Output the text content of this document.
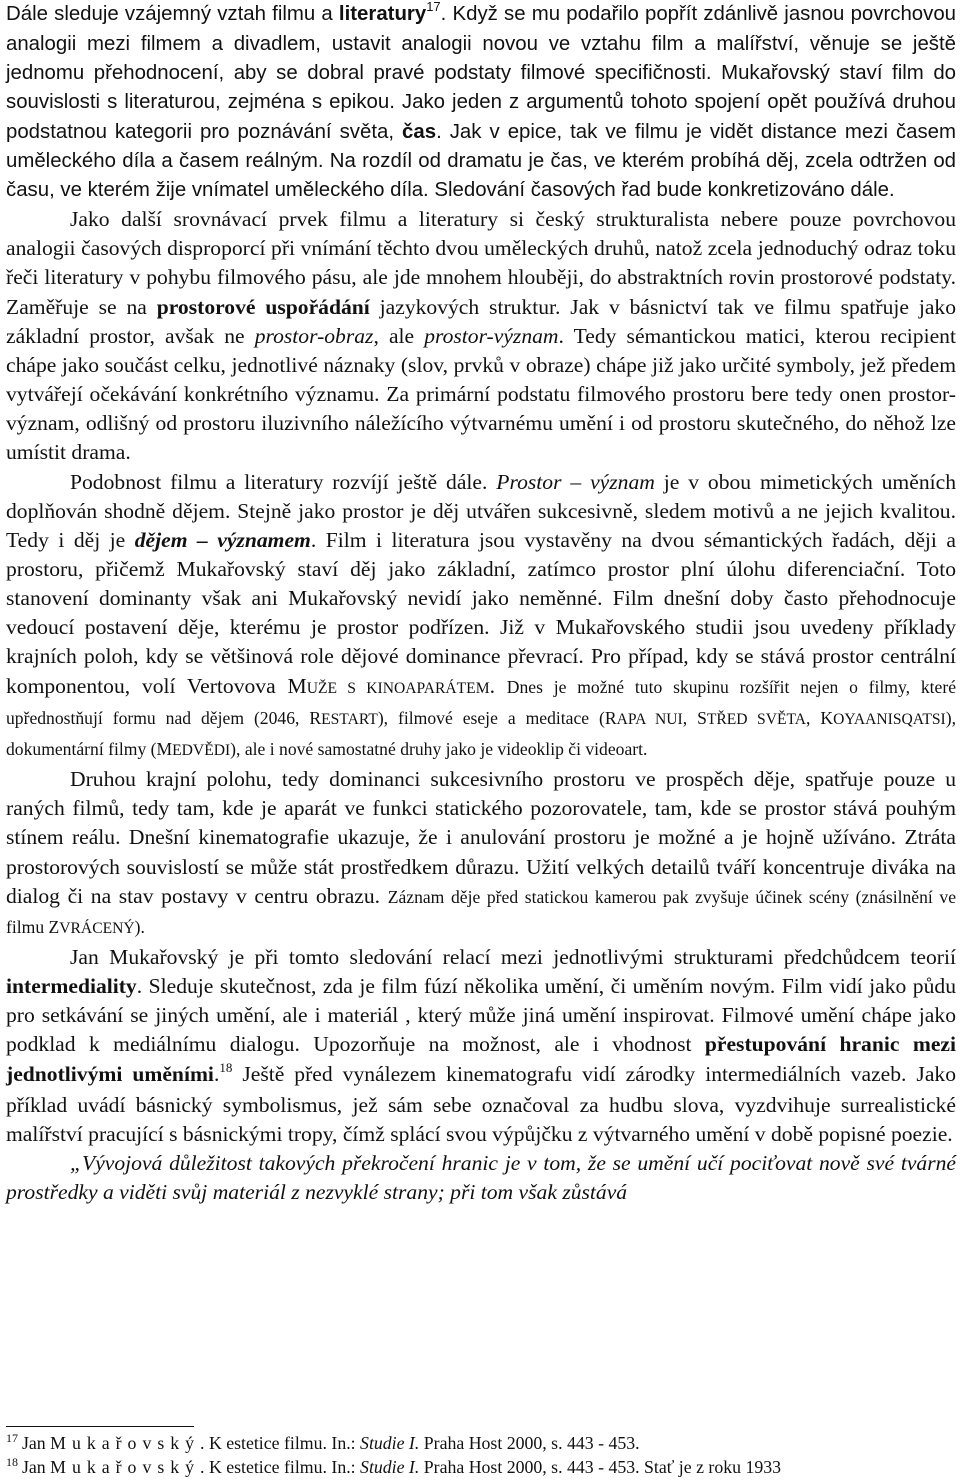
Dále sleduje vzájemný vztah filmu a literatury$^{17}$. Když se mu podařilo popřít zdánlivě jasnou povrchovou analogii mezi filmem a divadlem, ustavit analogii novou ve vztahu film a malířství, věnuje se ještě jednomu přehodnocení, aby se dobral pravé podstaty filmové specifičnosti. Mukařovský staví film do souvislosti s literaturou, zejména s epikou. Jako jeden z argumentů tohoto spojení opět používá druhou podstatnou kategorii pro poznávání světa, čas. Jak v epice, tak ve filmu je vidět distance mezi časem uměleckého díla a časem reálným. Na rozdíl od dramatu je čas, ve kterém probíhá děj, zcela odtržen od času, ve kterém žije vnímatel uměleckého díla. Sledování časových řad bude konkretizováno dále.

Jako další srovnávací prvek filmu a literatury si český strukturalista nebere pouze povrchovou analogii časových disproporcí při vnímání těchto dvou uměleckých druhů, natož zcela jednoduchý odraz toku řeči literatury v pohybu filmového pásu, ale jde mnohem hlouběji, do abstraktních rovin prostorové podstaty. Zaměřuje se na prostorové uspořádání jazykových struktur. Jak v básnictví tak ve filmu spatřuje jako základní prostor, avšak ne prostor-obraz, ale prostor-význam. Tedy sémantickou matici, kterou recipient chápe jako součást celku, jednotlivé náznaky (slov, prvků v obraze) chápe již jako určité symboly, jež předem vytvářejí očekávání konkrétního významu. Za primární podstatu filmového prostoru bere tedy onen prostor-význam, odlišný od prostoru iluzivního náležícího výtvarnému umění i od prostoru skutečného, do něhož lze umístit drama.

Podobnost filmu a literatury rozvíjí ještě dále. Prostor – význam je v obou mimetických uměních doplňován shodně dějem. Stejně jako prostor je děj utvářen sukcesivně, sledem motivů a ne jejich kvalitou. Tedy i děj je dějem – významem. Film i literatura jsou vystavěny na dvou sémantických řadách, ději a prostoru, přičemž Mukařovský staví děj jako základní, zatímco prostor plní úlohu diferenciační. Toto stanovení dominanty však ani Mukařovský nevidí jako neměnné. Film dnešní doby často přehodnocuje vedoucí postavení děje, kterému je prostor podřízen. Již v Mukařovského studii jsou uvedeny příklady krajních poloh, kdy se většinová role dějové dominance převrací. Pro případ, kdy se stává prostor centrální komponentou, volí Vertovova MUŽE S KINOAPARÁTEM. Dnes je možné tuto skupinu rozšířit nejen o filmy, které upřednostňují formu nad dějem (2046, RESTART), filmové eseje a meditace (RAPA NUI, STŘED SVĚTA, KOYAANISQATSI), dokumentární filmy (MEDVĚDI), ale i nové samostatné druhy jako je videoklip či videoart.

Druhou krajní polohu, tedy dominanci sukcesivního prostoru ve prospěch děje, spatřuje pouze u raných filmů, tedy tam, kde je aparát ve funkci statického pozorovatele, tam, kde se prostor stává pouhým stínem reálu. Dnešní kinematografie ukazuje, že i anulování prostoru je možné a je hojně užíváno. Ztráta prostorových souvislostí se může stát prostředkem důrazu. Užití velkých detailů tváří koncentruje diváka na dialog či na stav postavy v centru obrazu. Záznam děje před statickou kamerou pak zvyšuje účinek scény (znásilnění ve filmu ZVRÁCENÝ).

Jan Mukařovský je při tomto sledování relací mezi jednotlivými strukturami předchůdcem teorií intermediality. Sleduje skutečnost, zda je film fúzí několika umění, či uměním novým. Film vidí jako půdu pro setkávání se jiných umění, ale i materiál , který může jiná umění inspirovat. Filmové umění chápe jako podklad k mediálnímu dialogu. Upozorňuje na možnost, ale i vhodnost přestupování hranic mezi jednotlivými uměními.$^{18}$ Ještě před vynálezem kinematografu vidí zárodky intermediálních vazeb. Jako příklad uvádí básnický symbolismus, jež sám sebe označoval za hudbu slova, vyzdvihuje surrealistické malířství pracující s básnickými tropy, čímž splácí svou výpůjčku z výtvarného umění v době popisné poezie.

„Vývojová důležitost takových překročení hranic je v tom, že se umění učí pociťovat nově své tvárné prostředky a viděti svůj materiál z nezvyklé strany; při tom však zůstává

$^{17}$ Jan Mukařovský. K estetice filmu. In.: Studie I. Praha Host 2000, s. 443 - 453.

$^{18}$ Jan Mukařovský. K estetice filmu. In.: Studie I. Praha Host 2000, s. 443 - 453. Stať je z roku 1933
